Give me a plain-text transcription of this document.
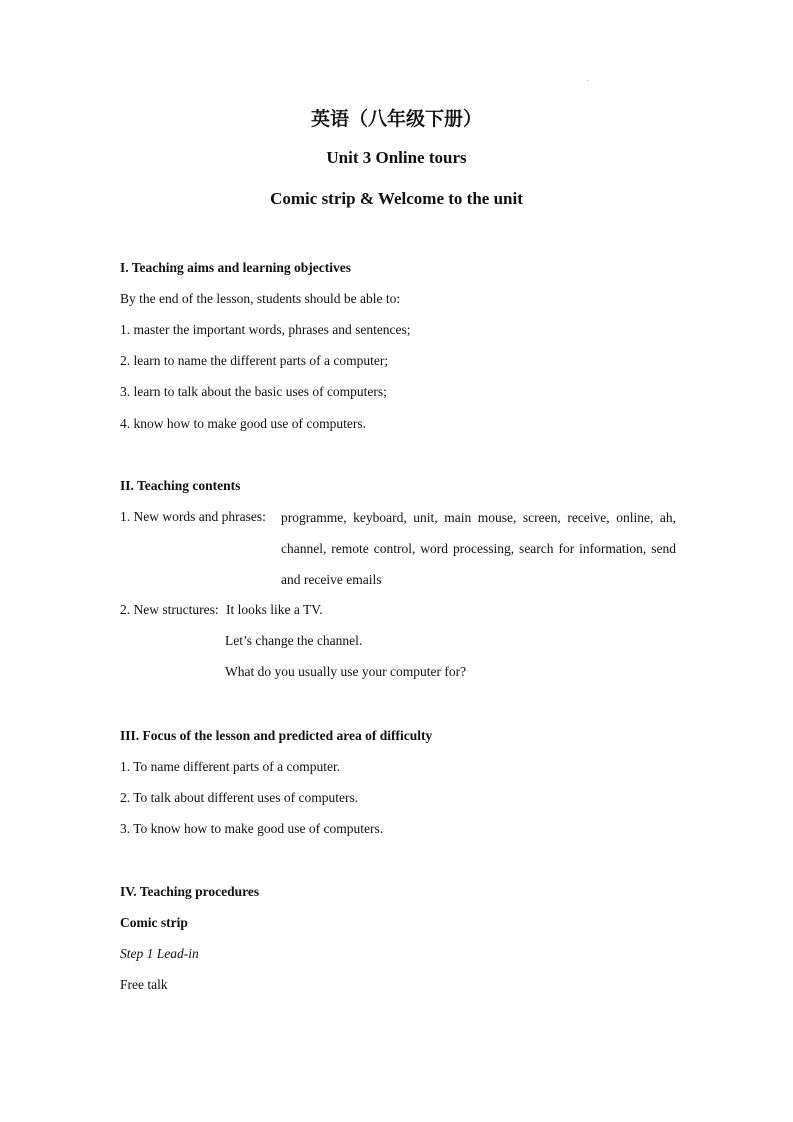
英语（八年级下册）
Unit 3 Online tours
Comic strip & Welcome to the unit
I. Teaching aims and learning objectives
By the end of the lesson, students should be able to:
1. master the important words, phrases and sentences;
2. learn to name the different parts of a computer;
3. learn to talk about the basic uses of computers;
4. know how to make good use of computers.
II. Teaching contents
1. New words and phrases: programme, keyboard, unit, main mouse, screen, receive, online, ah, channel, remote control, word processing, search for information, send and receive emails
2. New structures: It looks like a TV.
Let’s change the channel.
What do you usually use your computer for?
III. Focus of the lesson and predicted area of difficulty
1. To name different parts of a computer.
2. To talk about different uses of computers.
3. To know how to make good use of computers.
IV. Teaching procedures
Comic strip
Step 1 Lead-in
Free talk
